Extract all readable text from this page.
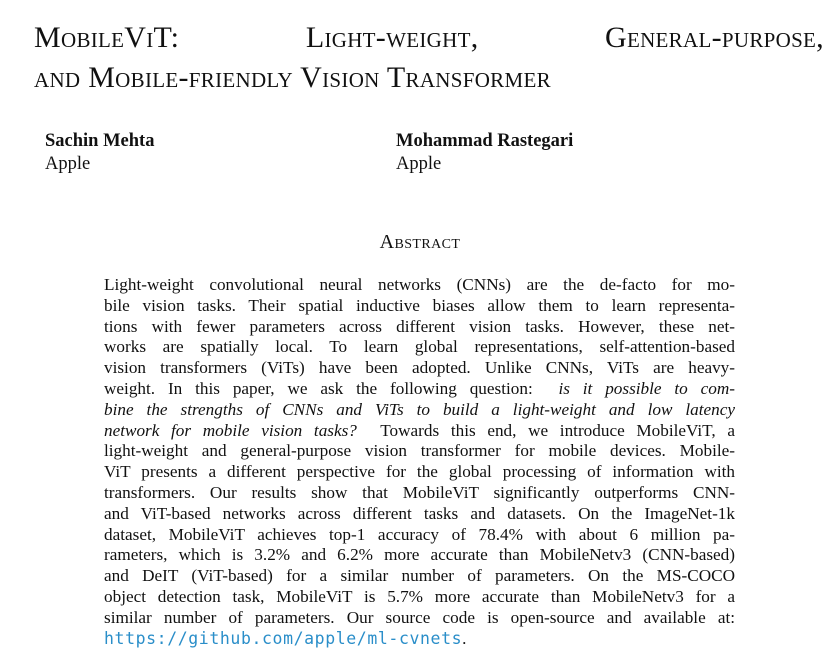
MobileViT:	Light-weight,	General-purpose,
and Mobile-friendly Vision Transformer
Sachin Mehta
Apple
Mohammad Rastegari
Apple
Abstract
Light-weight convolutional neural networks (CNNs) are the de-facto for mo-
bile vision tasks. Their spatial inductive biases allow them to learn representa-
tions with fewer parameters across different vision tasks. However, these net-
works are spatially local. To learn global representations, self-attention-based
vision transformers (ViTs) have been adopted. Unlike CNNs, ViTs are heavy-
weight. In this paper, we ask the following question: is it possible to com-
bine the strengths of CNNs and ViTs to build a light-weight and low latency
network for mobile vision tasks? Towards this end, we introduce MobileViT, a
light-weight and general-purpose vision transformer for mobile devices. Mobile-
ViT presents a different perspective for the global processing of information with
transformers. Our results show that MobileViT significantly outperforms CNN-
and ViT-based networks across different tasks and datasets. On the ImageNet-1k
dataset, MobileViT achieves top-1 accuracy of 78.4% with about 6 million pa-
rameters, which is 3.2% and 6.2% more accurate than MobileNetv3 (CNN-based)
and DeIT (ViT-based) for a similar number of parameters. On the MS-COCO
object detection task, MobileViT is 5.7% more accurate than MobileNetv3 for a
similar number of parameters. Our source code is open-source and available at:
https://github.com/apple/ml-cvnets.
